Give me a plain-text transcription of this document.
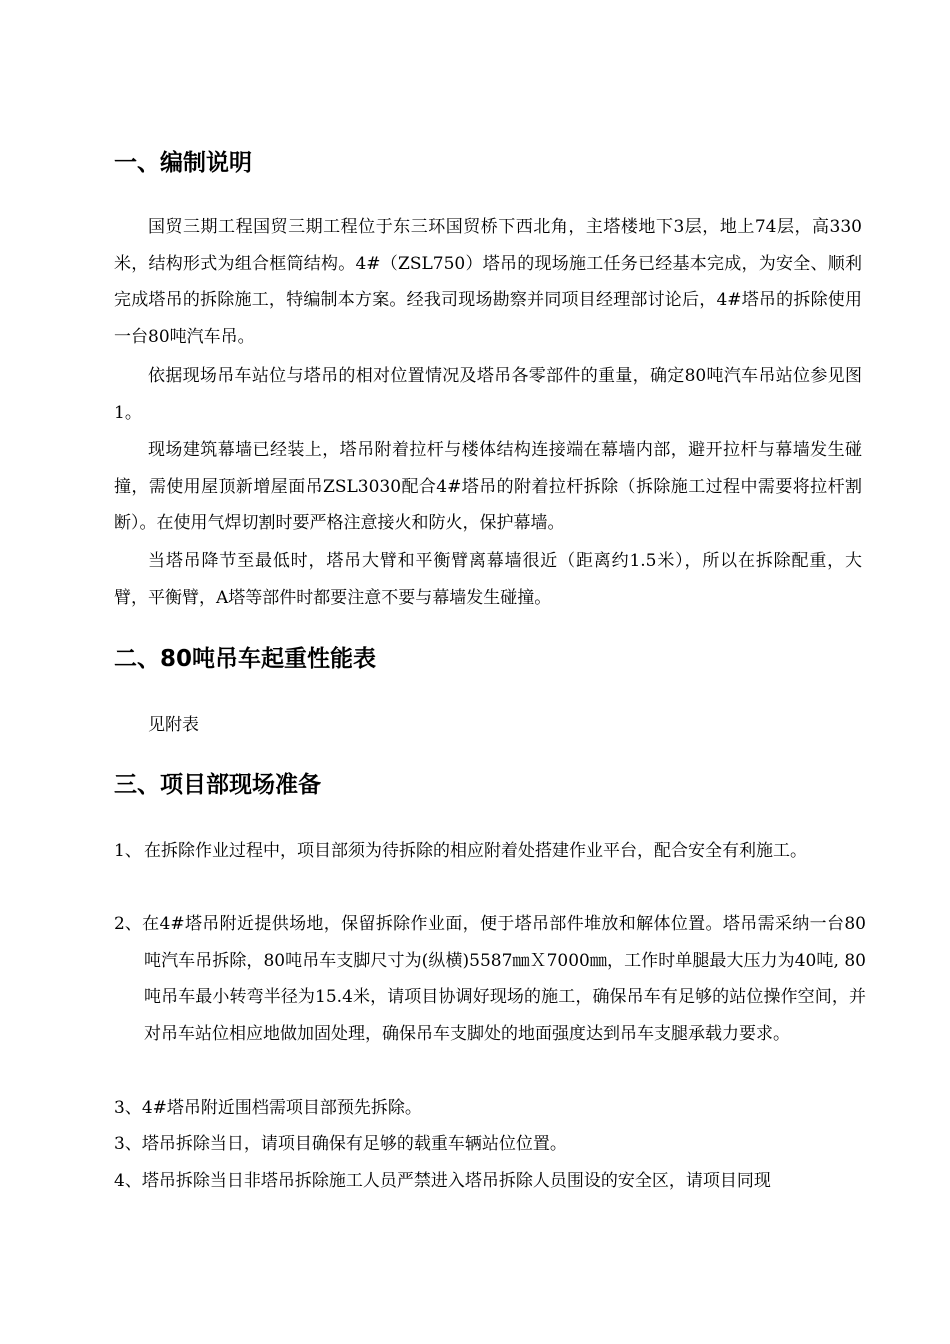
一、编制说明

国贸三期工程国贸三期工程位于东三环国贸桥下西北角，主塔楼地下3层，地上74层，高330米，结构形式为组合框筒结构。4#（ZSL750）塔吊的现场施工任务已经基本完成，为安全、顺利完成塔吊的拆除施工，特编制本方案。经我司现场勘察并同项目经理部讨论后，4#塔吊的拆除使用一台80吨汽车吊。

依据现场吊车站位与塔吊的相对位置情况及塔吊各零部件的重量，确定80吨汽车吊站位参见图1。

现场建筑幕墙已经装上，塔吊附着拉杆与楼体结构连接端在幕墙内部，避开拉杆与幕墙发生碰撞，需使用屋顶新增屋面吊ZSL3030配合4#塔吊的附着拉杆拆除（拆除施工过程中需要将拉杆割断）。在使用气焊切割时要严格注意接火和防火，保护幕墙。

当塔吊降节至最低时，塔吊大臂和平衡臂离幕墙很近（距离约1.5米），所以在拆除配重，大臂，平衡臂，A塔等部件时都要注意不要与幕墙发生碰撞。

二、80吨吊车起重性能表

见附表

三、项目部现场准备
1、 在拆除作业过程中，项目部须为待拆除的相应附着处搭建作业平台，配合安全有利施工。
2、在4#塔吊附近提供场地，保留拆除作业面，便于塔吊部件堆放和解体位置。塔吊需采纳一台80吨汽车吊拆除，80吨吊车支脚尺寸为(纵横)5587㎜Ｘ7000㎜，工作时单腿最大压力为40吨, 80吨吊车最小转弯半径为15.4米，请项目协调好现场的施工，确保吊车有足够的站位操作空间，并对吊车站位相应地做加固处理，确保吊车支脚处的地面强度达到吊车支腿承载力要求。
3、4#塔吊附近围档需项目部预先拆除。
3、塔吊拆除当日，请项目确保有足够的载重车辆站位位置。
4、塔吊拆除当日非塔吊拆除施工人员严禁进入塔吊拆除人员围设的安全区，请项目同现
